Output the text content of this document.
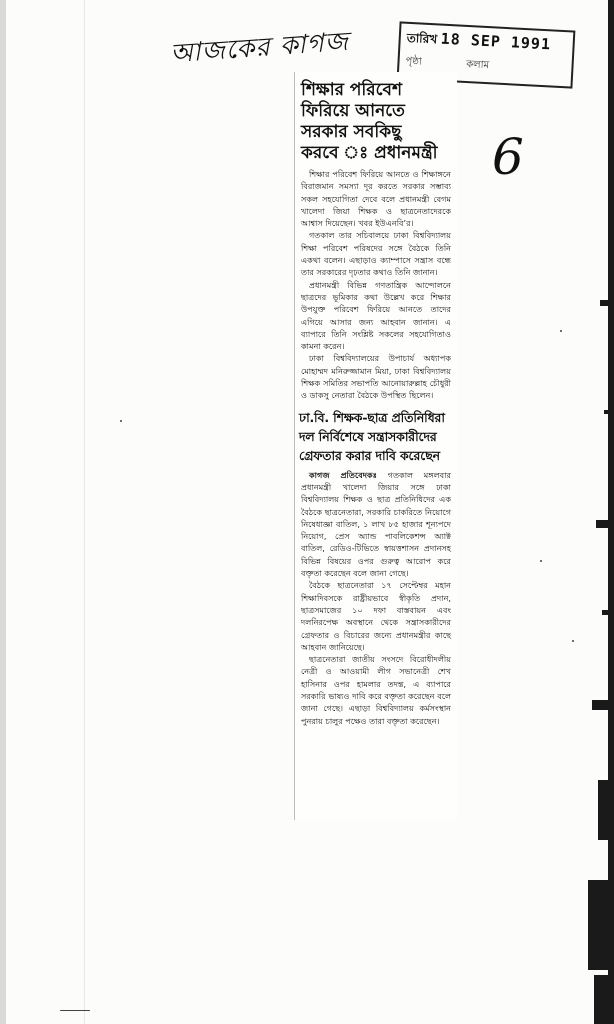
আজকের কাগজ	তারিখ 18 SEP 1991
পৃষ্ঠা	কলাম
6
শিক্ষার পরিবেশ
ফিরিয়ে আনতে
সরকার সবকিছু
করবে ঃ প্রধানমন্ত্রী

শিক্ষার পরিবেশ ফিরিয়ে আনতে ও শিক্ষাঙ্গনে বিরাজমান সমস্যা দূর করতে সরকার সম্ভাব্য সকল সহযোগিতা দেবে বলে প্রধানমন্ত্রী বেগম খালেদা জিয়া শিক্ষক ও ছাত্রনেতাদেরকে আশ্বাস দিয়েছেন। খবর ইউএনবি’র।

গতকাল তার সচিবালয়ে ঢাকা বিশ্ববিদ্যালয় শিক্ষা পরিবেশ পরিষদের সঙ্গে বৈঠকে তিনি একথা বলেন। এছাড়াও ক্যাম্পাসে সন্ত্রাস বন্ধে তার সরকারের দৃঢ়তার কথাও তিনি জানান।

প্রধানমন্ত্রী বিভিন্ন গণতান্ত্রিক আন্দোলনে ছাত্রদের ভূমিকার কথা উল্লেখ করে শিক্ষার উপযুক্ত পরিবেশ ফিরিয়ে আনতে তাদের এগিয়ে আসার জন্য আহবান জানান। এ ব্যাপারে তিনি সংশ্লিষ্ট সকলের সহযোগিতাও কামনা করেন।

ঢাকা বিশ্ববিদ্যালয়ের উপাচার্য অধ্যাপক মোহাম্মদ মনিরুজ্জামান মিয়া, ঢাকা বিশ্ববিদ্যালয় শিক্ষক সমিতির সভাপতি আনোয়ারুল্লাহ চৌধুরী ও ডাকসু নেতারা বৈঠকে উপস্থিত ছিলেন।

ঢা.বি. শিক্ষক-ছাত্র প্রতিনিধিরা
দল নির্বিশেষে সন্ত্রাসকারীদের
গ্রেফতার করার দাবি করেছেন

কাগজ প্রতিবেদকঃ গতকাল মঙ্গলবার প্রধানমন্ত্রী খালেদা জিয়ার সঙ্গে ঢাকা বিশ্ববিদ্যালয় শিক্ষক ও ছাত্র প্রতিনিধিদের এক বৈঠকে ছাত্রনেতারা, সরকারি চাকরিতে নিয়োগে নিষেধাজ্ঞা বাতিল, ১ লাখ ৮৫ হাজার শূন্যপদে নিয়োগ, প্রেস অ্যান্ড পাবলিকেশন্স অ্যাক্ট বাতিল, রেডিও-টিভিতে স্বায়ত্তশাসন প্রদানসহ বিভিন্ন বিষয়ের ওপর গুরুত্ব আরোপ করে বক্তৃতা করেছেন বলে জানা গেছে।

বৈঠকে ছাত্রনেতারা ১৭ সেপ্টেম্বর মহান শিক্ষাদিবসকে রাষ্ট্রীয়ভাবে স্বীকৃতি প্রদান, ছাত্রসমাজের ১০ দফা বাস্তবায়ন এবং দলনিরপেক্ষ অবস্থানে থেকে সন্ত্রাসকারীদের গ্রেফতার ও বিচারের জন্যে প্রধানমন্ত্রীর কাছে আহবান জানিয়েছে।

ছাত্রনেতারা জাতীয় সংসদে বিরোধীদলীয় নেত্রী ও আওয়ামী লীগ সভানেত্রী শেখ হাসিনার ওপর হামলার তদন্ত, এ ব্যাপারে সরকারি ভাষ্যও দাবি করে বক্তৃতা করেছেন বলে জানা গেছে। এছাড়া বিশ্ববিদ্যালয় কর্মসংস্থান পুনরায় চালুর পক্ষেও তারা বক্তৃতা করেছেন।
